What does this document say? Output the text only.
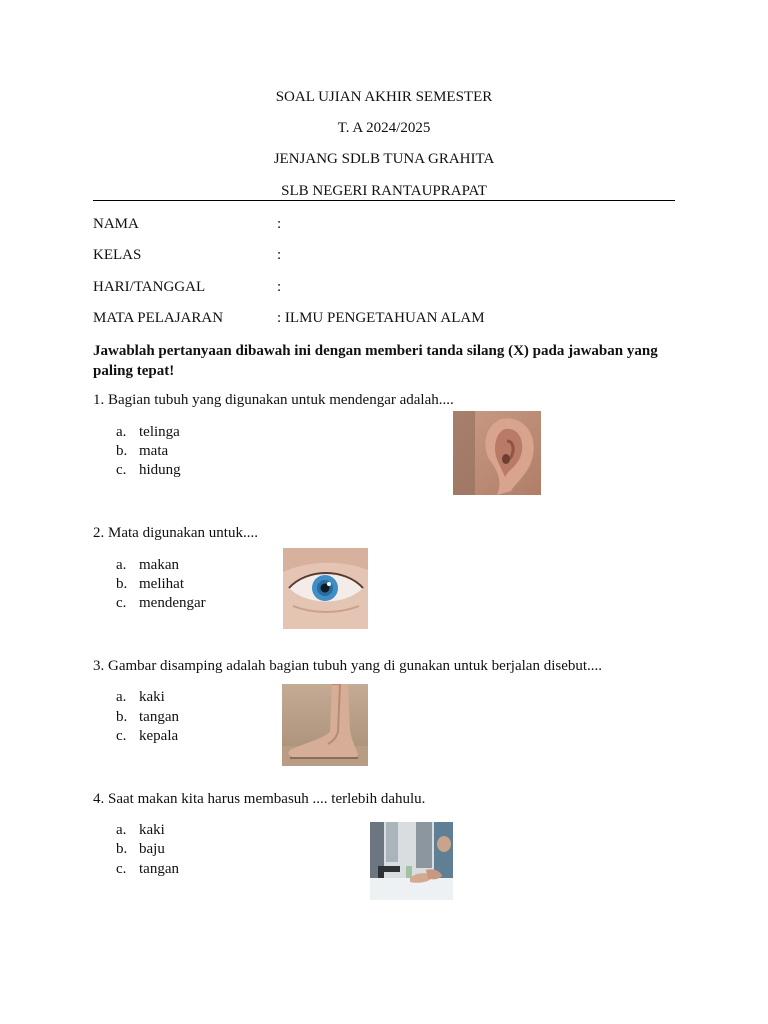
SOAL UJIAN AKHIR SEMESTER
T. A 2024/2025
JENJANG SDLB TUNA GRAHITA
SLB NEGERI RANTAUPRAPAT
NAMA	:
KELAS	:
HARI/TANGGAL	:
MATA PELAJARAN	: ILMU PENGETAHUAN ALAM
Jawablah pertanyaan dibawah ini dengan memberi tanda silang (X) pada jawaban yang paling tepat!
1. Bagian tubuh yang digunakan untuk mendengar adalah....
a. telinga
b. mata
c. hidung
2. Mata digunakan untuk....
a. makan
b. melihat
c. mendengar
3. Gambar disamping adalah bagian tubuh yang di gunakan untuk berjalan disebut....
a. kaki
b. tangan
c. kepala
4. Saat makan kita harus membasuh .... terlebih dahulu.
a. kaki
b. baju
c. tangan
